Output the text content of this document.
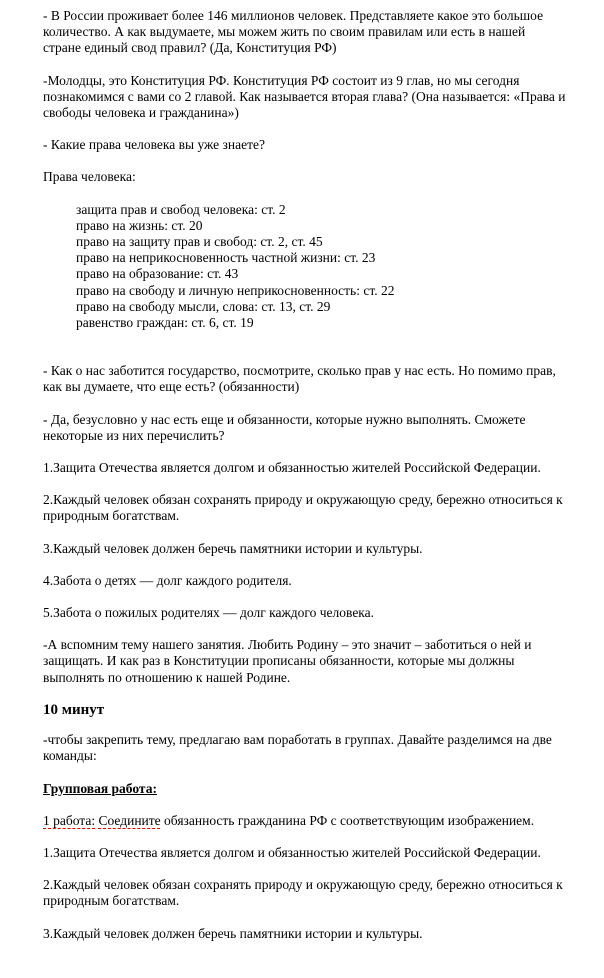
- В России проживает более 146 миллионов человек. Представляете какое это большое количество. А как выдумаете, мы можем жить по своим правилам или есть в нашей стране единый свод правил? (Да, Конституция РФ)

-Молодцы, это Конституция РФ. Конституция РФ состоит из 9 глав, но мы сегодня познакомимся с вами со 2 главой. Как называется вторая глава? (Она называется: «Права и свободы человека и гражданина»)

- Какие права человека вы уже знаете?

Права человека:

защита прав и свобод человека: ст. 2

право на жизнь: ст. 20

право на защиту прав и свобод: ст. 2, ст. 45

право на неприкосновенность частной жизни: ст. 23

право на образование: ст. 43

право на свободу и личную неприкосновенность: ст. 22

право на свободу мысли, слова: ст. 13, ст. 29

равенство граждан: ст. 6, ст. 19

- Как о нас заботится государство, посмотрите, сколько прав у нас есть. Но помимо прав, как вы думаете, что еще есть? (обязанности)

- Да, безусловно у нас есть еще и обязанности, которые нужно выполнять. Сможете некоторые из них перечислить?

1.Защита Отечества является долгом и обязанностью жителей Российской Федерации.

2.Каждый человек обязан сохранять природу и окружающую среду, бережно относиться к природным богатствам.

3.Каждый человек должен беречь памятники истории и культуры.

4.Забота о детях — долг каждого родителя.

5.Забота о пожилых родителях — долг каждого человека.

-А вспомним тему нашего занятия. Любить Родину – это значит – заботиться о ней и защищать. И как раз в Конституции прописаны обязанности, которые мы должны выполнять по отношению к нашей Родине.

10 минут

-чтобы закрепить тему, предлагаю вам поработать в группах. Давайте разделимся на две команды:

Групповая работа:

1 работа: Соедините обязанность гражданина РФ с соответствующим изображением.

1.Защита Отечества является долгом и обязанностью жителей Российской Федерации.

2.Каждый человек обязан сохранять природу и окружающую среду, бережно относиться к природным богатствам.

3.Каждый человек должен беречь памятники истории и культуры.
